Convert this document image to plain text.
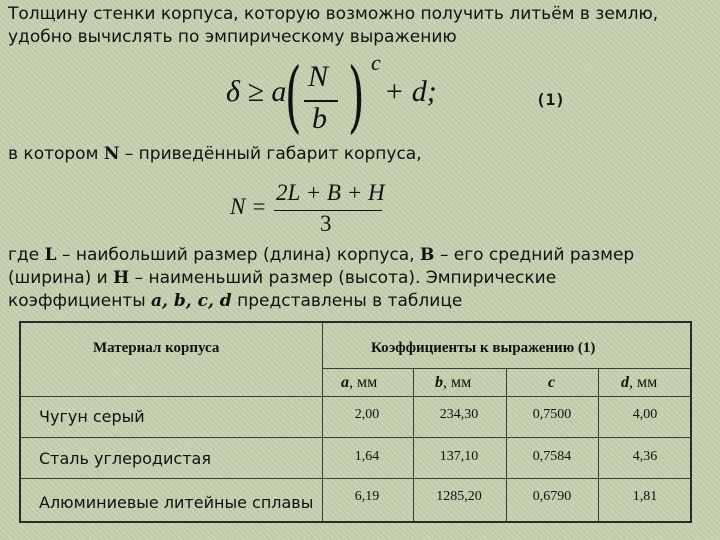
Толщину стенки корпуса, которую возможно получить литьём в землю,
удобно вычислять по эмпирическому выражению

δ ≥ a
( N
b ) c
+ d;	(1)

в котором N – приведённый габарит корпуса,

N =
2L + B + H
3

где L – наибольший размер (длина) корпуса, B – его средний размер
(ширина) и H – наименьший размер (высота). Эмпирические
коэффициенты a, b, c, d представлены в таблице

Материал корпуса	Коэффициенты к выражению (1)
a, мм	b, мм	c	d, мм
Чугун серый	2,00	234,30	0,7500	4,00
Сталь углеродистая	1,64	137,10	0,7584	4,36
Алюминиевые литейные сплавы	6,19	1285,20	0,6790	1,81
